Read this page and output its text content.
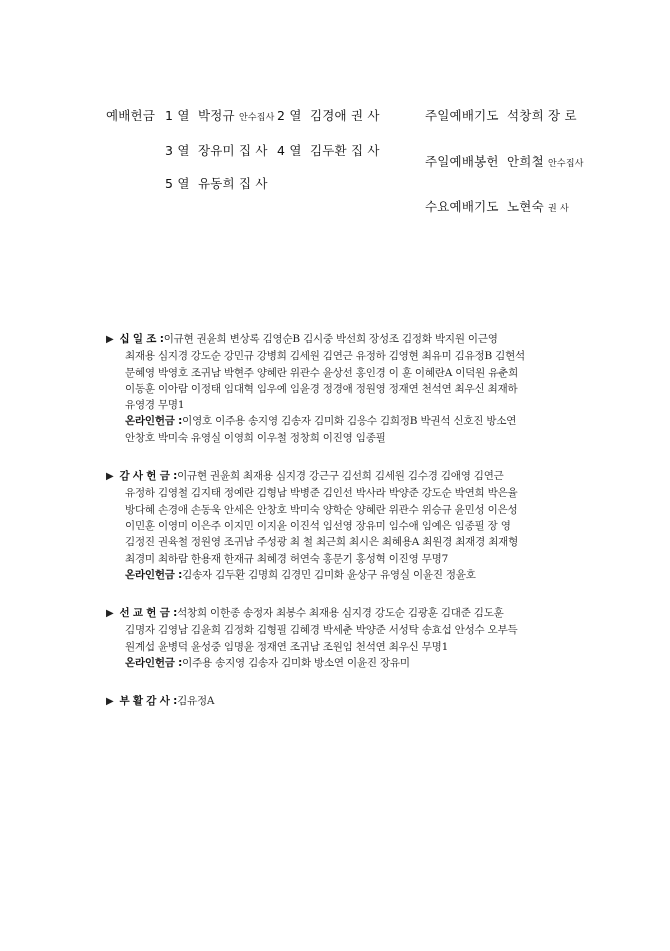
예배헌금 1 열 박정규 안수집사 2 열 김경애 권 사
3 열 장유미 집 사 4 열 김두환 집 사
5 열 유동희 집 사
주일예배기도 석창희 장 로
주일예배봉헌 안희철 안수집사
수요예배기도 노현숙 권 사
▶ 십 일 조 :이규현 권윤희 변상록 김영순B 김시중 박선희 장성조 김정화 박지원 이근영
최재용 심지경 강도순 강민규 강병희 김세원 김연근 유정하 김영현 최유미 김유정B 김현석
문혜영 박영호 조귀남 박현주 양혜란 위관수 윤상선 홍인경 이 훈 이혜란A 이덕원 유춘희
이동훈 이아람 이정태 임대혁 임우예 임윤경 정경애 정원영 정재연 천석연 최우신 최재하
유영경 무명1
온라인헌금 :이영호 이주용 송지영 김송자 김미화 김응수 김희정B 박권석 신호진 방소연
안창호 박미숙 유영실 이영희 이우철 정창희 이진영 임종필
▶ 감 사 헌 금 :이규현 권윤희 최재용 심지경 강근구 김선희 김세원 김수경 김애영 김연근
유정하 김영철 김지태 정예란 김형남 박병준 김인선 박사라 박양준 강도순 박연희 박은율
방다혜 손경애 손동욱 안세은 안창호 박미숙 양학순 양혜란 위관수 위승규 윤민성 이은성
이민훈 이영미 이은주 이지민 이지윤 이진석 임선영 장유미 임수애 임예은 임종필 장 영
김정진 권육철 정원영 조귀남 주성광 최 철 최근희 최시은 최혜용A 최원경 최재경 최재형
최경미 최하람 한용재 한재규 최혜경 허연숙 홍문기 홍성혁 이진영 무명7
온라인헌금 :김송자 김두환 김명희 김경민 김미화 윤상구 유영실 이윤진 정윤호
▶ 선 교 헌 금 :석창희 이한종 송정자 최봉수 최재용 심지경 강도순 김광훈 김대준 김도훈
김명자 김영남 김윤희 김정화 김형필 김혜경 박세춘 박양준 서성탁 송효섭 안성수 오부득
원계섭 윤병덕 윤성중 임명윤 정재연 조귀남 조원임 천석연 최우신 무명1
온라인헌금 :이주용 송지영 김송자 김미화 방소연 이윤진 장유미
▶ 부 활 감 사 :김유정A
